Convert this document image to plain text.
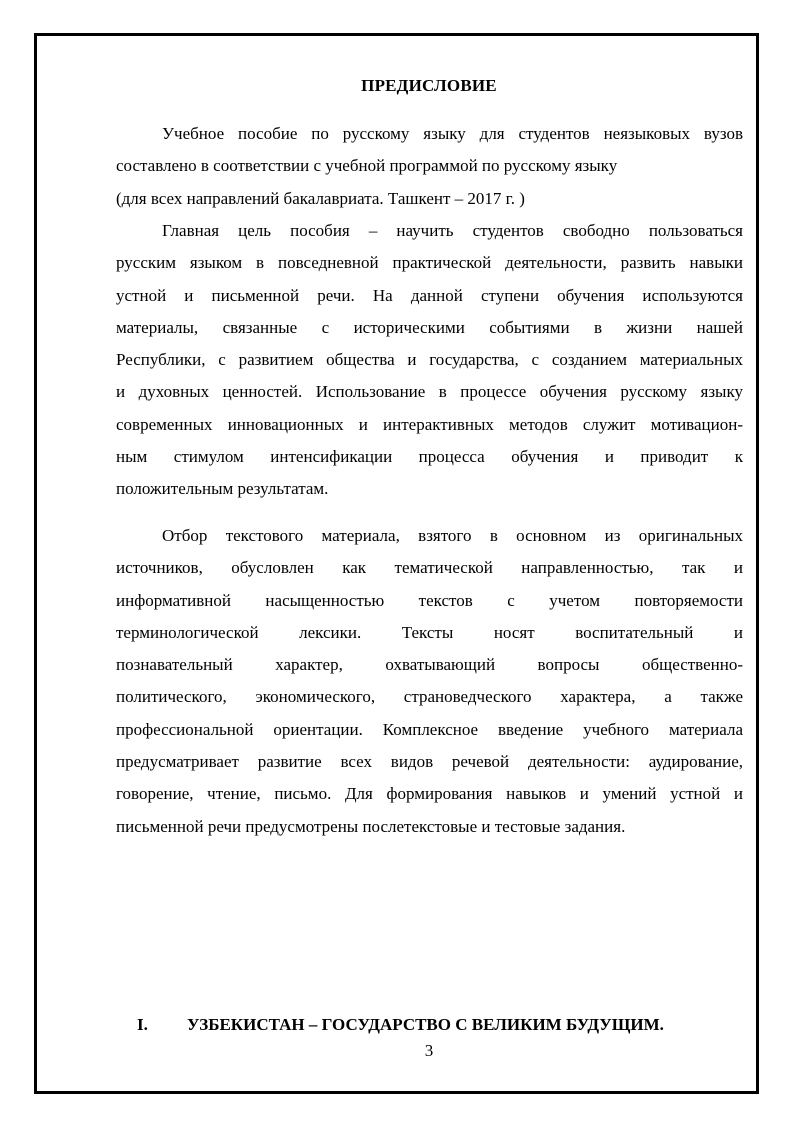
ПРЕДИСЛОВИЕ
Учебное пособие по русскому языку для студентов неязыковых вузов
составлено в соответствии с учебной программой по русскому языку
(для всех направлений бакалавриата. Ташкент – 2017 г. )
Главная цель пособия – научить студентов свободно пользоваться
русским языком в повседневной практической деятельности, развить навыки
устной и письменной речи. На данной ступени обучения используются
материалы, связанные с историческими событиями в жизни нашей
Республики, с развитием общества и государства, с созданием материальных
и духовных ценностей. Использование в процессе обучения русскому языку
современных инновационных и интерактивных методов служит мотивацион-
ным стимулом интенсификации процесса обучения и приводит к
положительным результатам.
Отбор текстового материала, взятого в основном из оригинальных
источников, обусловлен как тематической направленностью, так и
информативной насыщенностью текстов с учетом повторяемости
терминологической лексики. Тексты носят воспитательный и
познавательный характер, охватывающий вопросы общественно-
политического, экономического, страноведческого характера, а также
профессиональной ориентации. Комплексное введение учебного материала
предусматривает развитие всех видов речевой деятельности: аудирование,
говорение, чтение, письмо. Для формирования навыков и умений устной и
письменной речи предусмотрены послетекстовые и тестовые задания.
I. УЗБЕКИСТАН – ГОСУДАРСТВО С ВЕЛИКИМ БУДУЩИМ.
3
